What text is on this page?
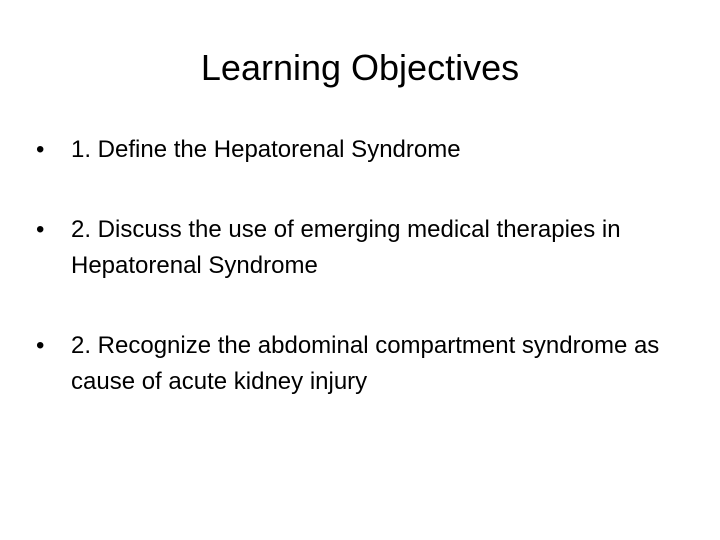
Learning Objectives
•	1. Define the Hepatorenal Syndrome
•	2. Discuss the use of emerging medical therapies in Hepatorenal Syndrome
•	2. Recognize the abdominal compartment syndrome as cause of acute kidney injury
